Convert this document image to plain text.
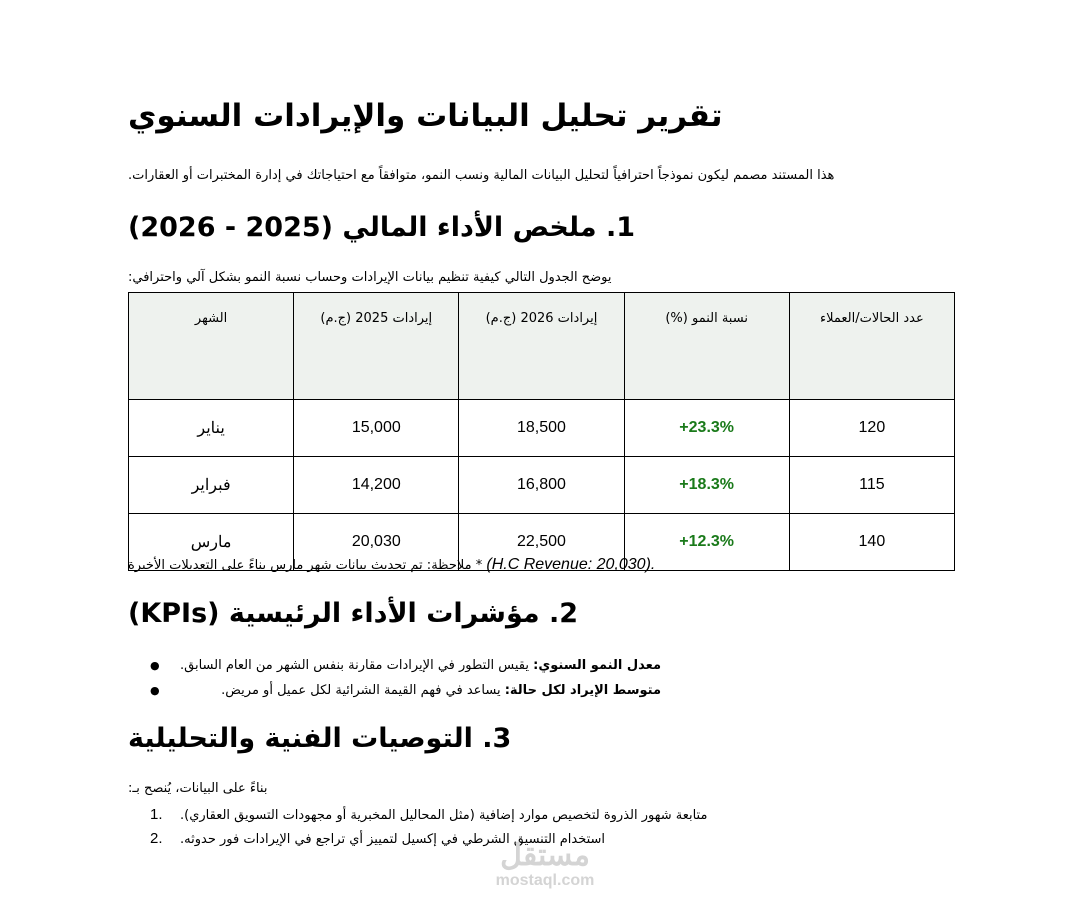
تقرير تحليل البيانات والإيرادات السنوي
هذا المستند مصمم ليكون نموذجاً احترافياً لتحليل البيانات المالية ونسب النمو، متوافقاً مع احتياجاتك في إدارة المختبرات أو العقارات.
1. ملخص الأداء المالي (2025 - 2026)
يوضح الجدول التالي كيفية تنظيم بيانات الإيرادات وحساب نسبة النمو بشكل آلي واحترافي:
الشهر	إيرادات 2025 (ج.م)	إيرادات 2026 (ج.م)	نسبة النمو (%)	عدد الحالات/العملاء
يناير	15,000	18,500	+23.3%	120
فبراير	14,200	16,800	+18.3%	115
مارس	20,030	22,500	+12.3%	140
* ملاحظة: تم تحديث بيانات شهر مارس بناءً على التعديلات الأخيرة (H.C Revenue: 20,030).
2. مؤشرات الأداء الرئيسية (KPIs)
● معدل النمو السنوي: يقيس التطور في الإيرادات مقارنة بنفس الشهر من العام السابق.
● متوسط الإيراد لكل حالة: يساعد في فهم القيمة الشرائية لكل عميل أو مريض.
3. التوصيات الفنية والتحليلية
بناءً على البيانات، يُنصح بـ:
1. متابعة شهور الذروة لتخصيص موارد إضافية (مثل المحاليل المخبرية أو مجهودات التسويق العقاري).
2. استخدام التنسيق الشرطي في إكسيل لتمييز أي تراجع في الإيرادات فور حدوثه.
مستقل
mostaql.com
